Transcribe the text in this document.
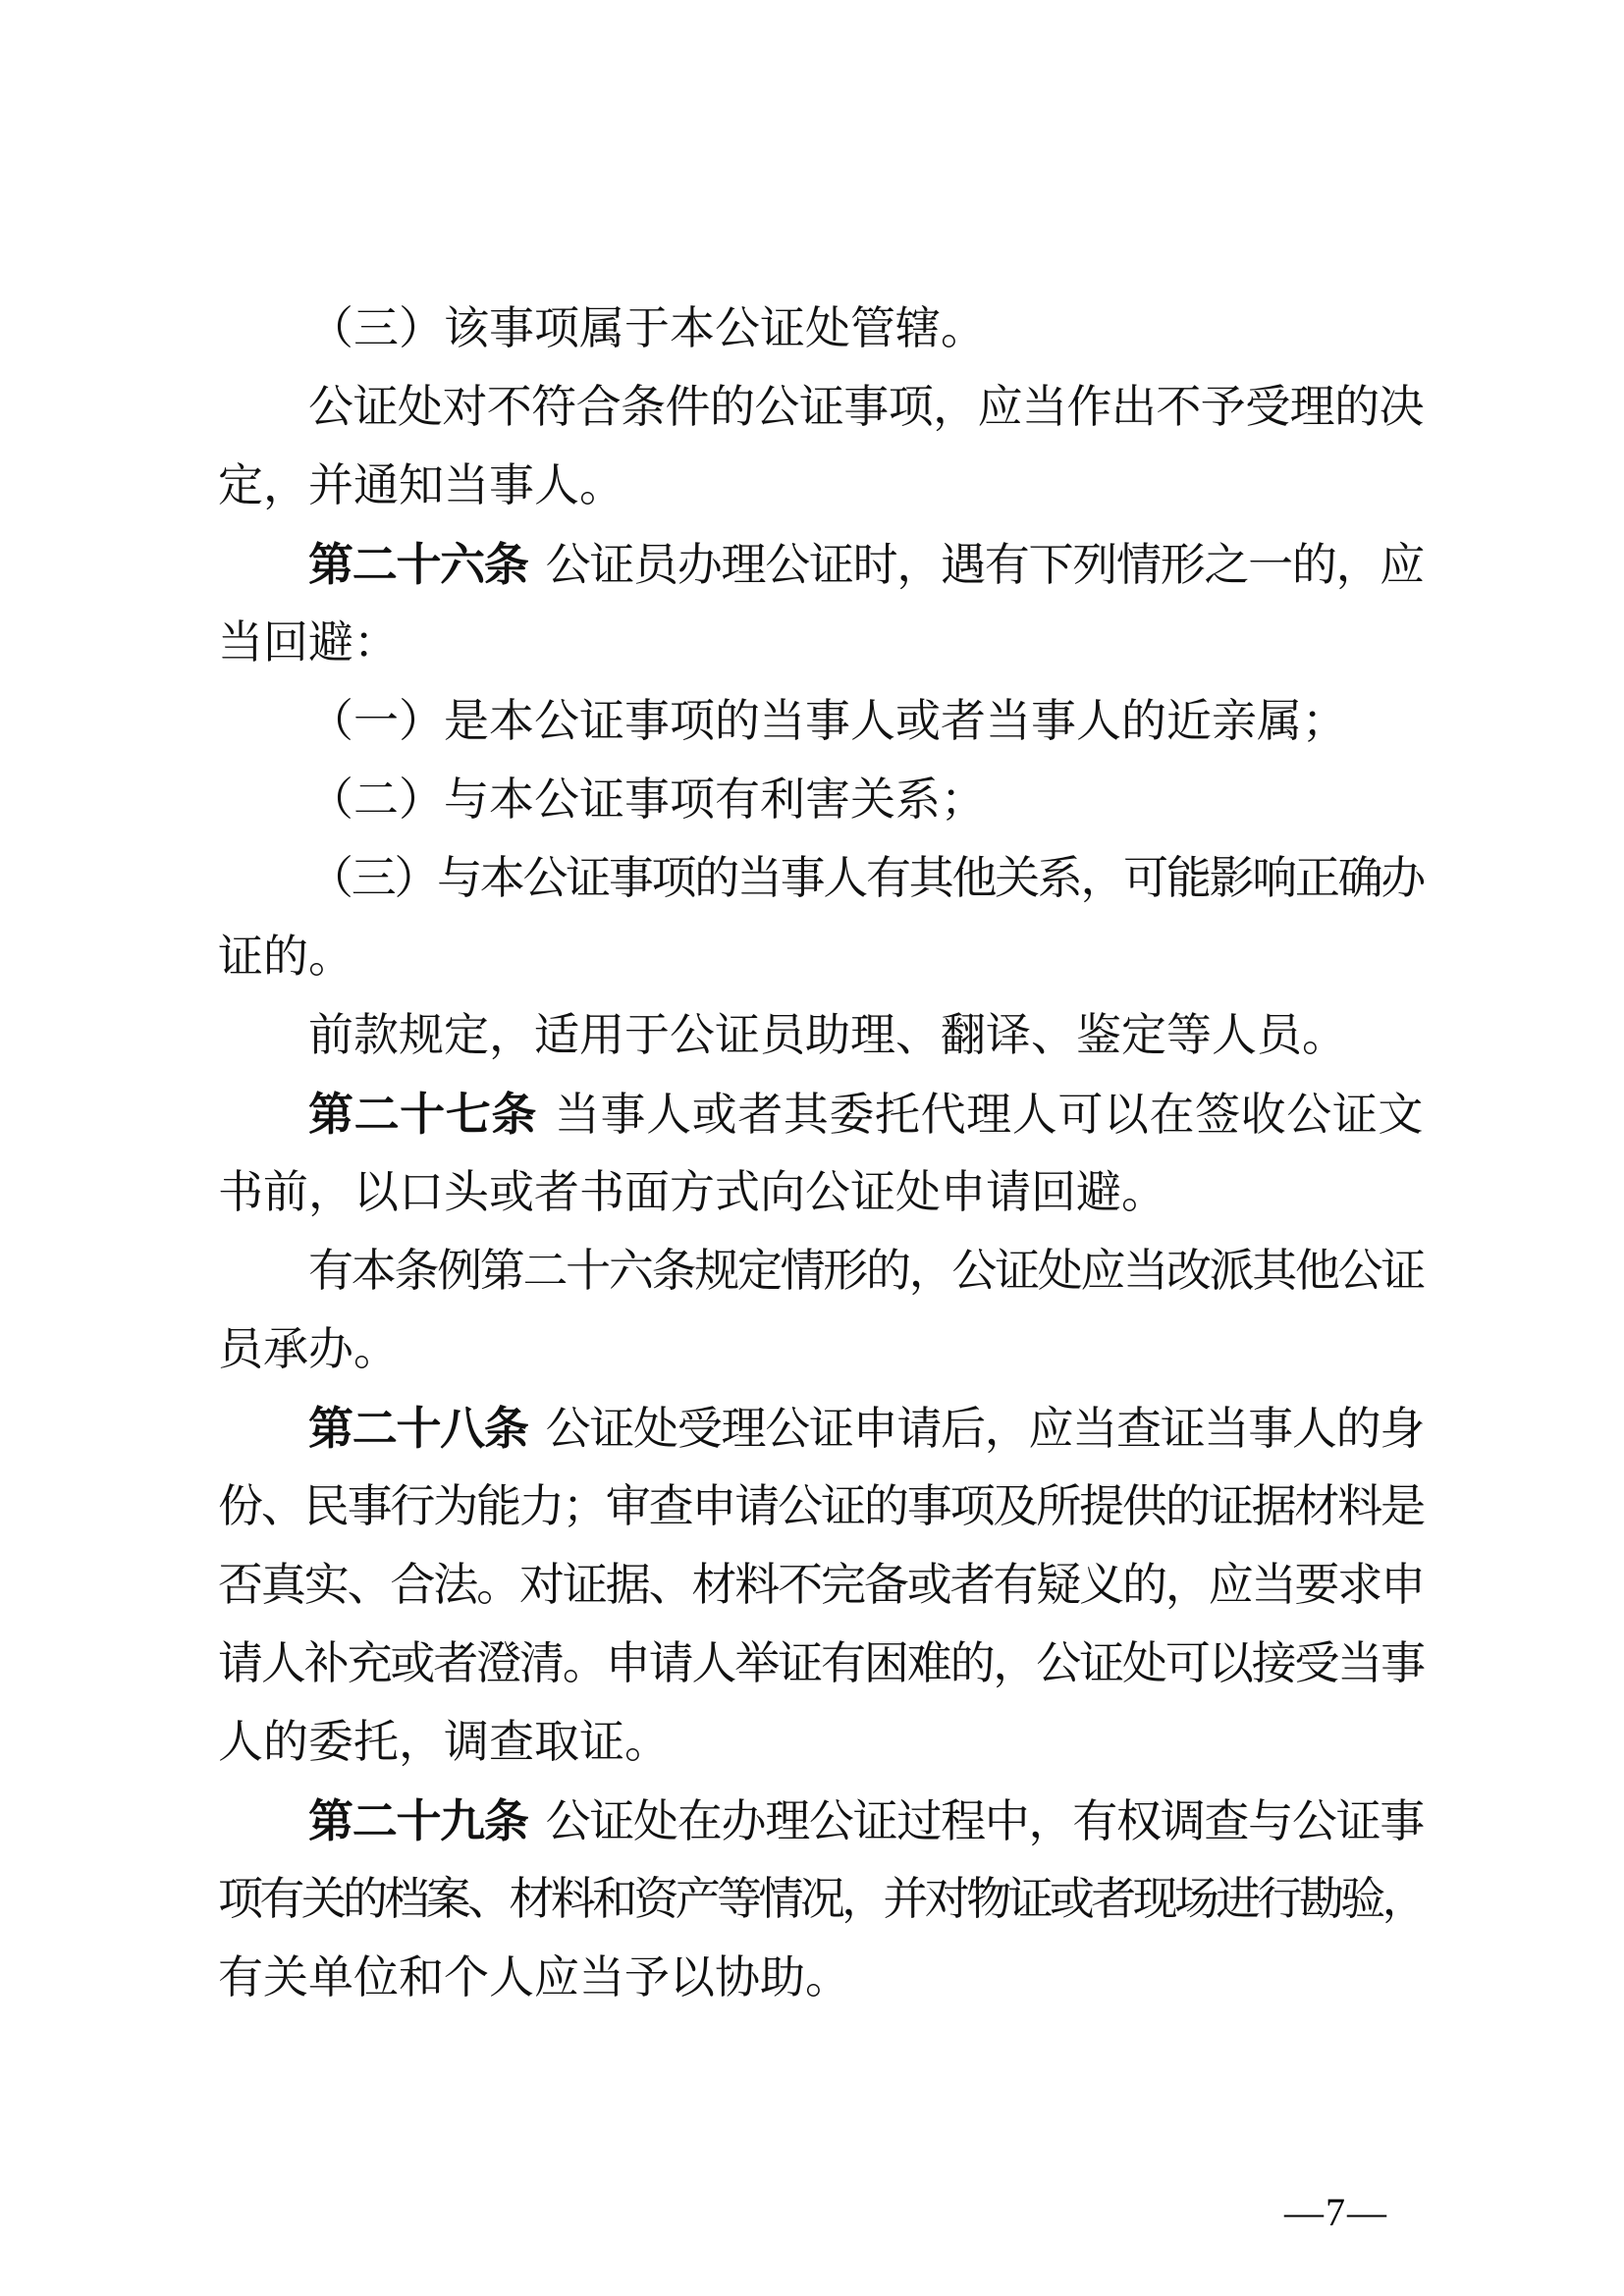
（三）该事项属于本公证处管辖。
公证处对不符合条件的公证事项，应当作出不予受理的决
定，并通知当事人。
第二十六条 公证员办理公证时，遇有下列情形之一的，应
当回避：
（一）是本公证事项的当事人或者当事人的近亲属；
（二）与本公证事项有利害关系；
（三）与本公证事项的当事人有其他关系，可能影响正确办
证的。
前款规定，适用于公证员助理、翻译、鉴定等人员。
第二十七条 当事人或者其委托代理人可以在签收公证文
书前，以口头或者书面方式向公证处申请回避。
有本条例第二十六条规定情形的，公证处应当改派其他公证
员承办。
第二十八条 公证处受理公证申请后，应当查证当事人的身
份、民事行为能力；审查申请公证的事项及所提供的证据材料是
否真实、合法。对证据、材料不完备或者有疑义的，应当要求申
请人补充或者澄清。申请人举证有困难的，公证处可以接受当事
人的委托，调查取证。
第二十九条 公证处在办理公证过程中，有权调查与公证事
项有关的档案、材料和资产等情况，并对物证或者现场进行勘验，
有关单位和个人应当予以协助。
—7—
